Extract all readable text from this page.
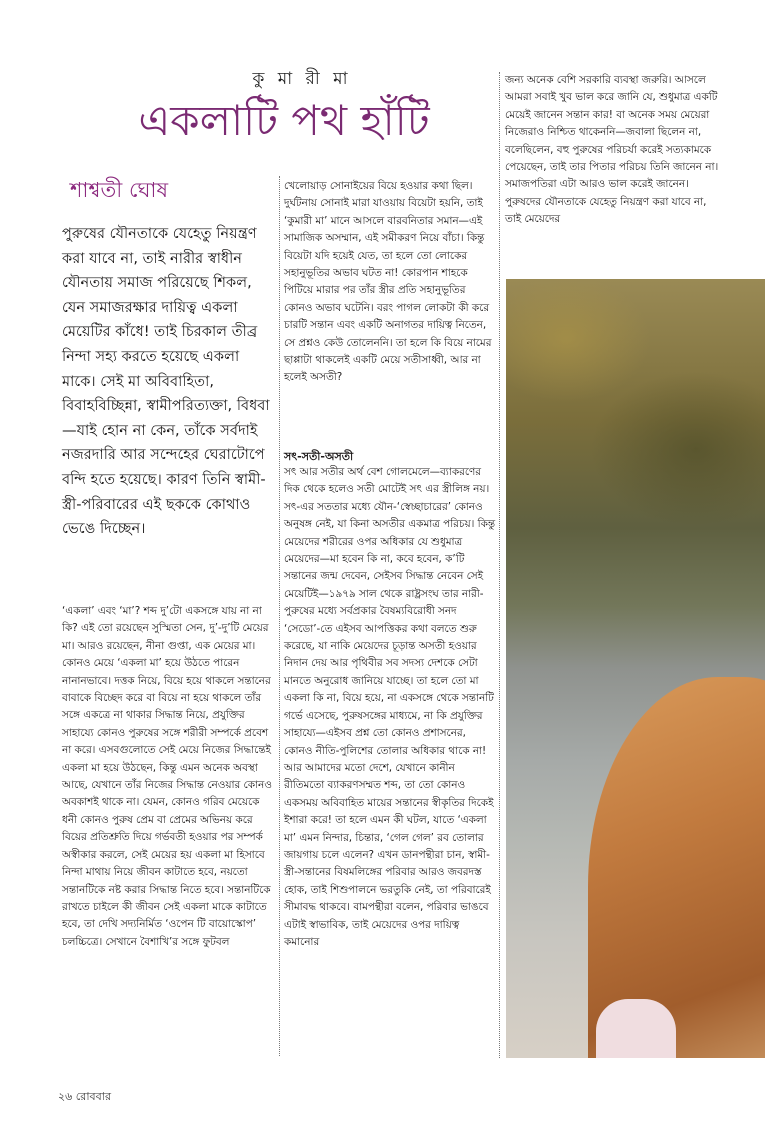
কু মা রী মা
একলাটি পথ হাঁটি
শাশ্বতী ঘোষ

পুরুষের যৌনতাকে যেহেতু নিয়ন্ত্রণ করা যাবে না, তাই নারীর স্বাধীন যৌনতায় সমাজ পরিয়েছে শিকল, যেন সমাজরক্ষার দায়িত্ব একলা মেয়েটির কাঁধে! তাই চিরকাল তীব্র নিন্দা সহ্য করতে হয়েছে একলা মাকে। সেই মা অবিবাহিতা, বিবাহবিচ্ছিন্না, স্বামীপরিত্যক্তা, বিধবা—যাই হোন না কেন, তাঁকে সর্বদাই নজরদারি আর সন্দেহের ঘেরাটোপে বন্দি হতে হয়েছে। কারণ তিনি স্বামী-স্ত্রী-পরিবারের এই ছককে কোথাও ভেঙে দিচ্ছেন।

‘একলা’ এবং ‘মা’? শব্দ দু’টো একসঙ্গে যায় না না কি? এই তো রয়েছেন সুস্মিতা সেন, দু’-দু’টি মেয়ের মা। আরও রয়েছেন, নীনা গুপ্তা, এক মেয়ের মা। কোনও মেয়ে ‘একলা মা’ হয়ে উঠতে পারেন নানানভাবে। দত্তক নিয়ে, বিয়ে হয়ে থাকলে সন্তানের বাবাকে বিচ্ছেদ করে বা বিয়ে না হয়ে থাকলে তাঁর সঙ্গে একত্রে না থাকার সিদ্ধান্ত নিয়ে, প্রযুক্তির সাহায্যে কোনও পুরুষের সঙ্গে শরীরী সম্পর্কে প্রবেশ না করে। এসবগুলোতে সেই মেয়ে নিজের সিদ্ধান্তেই একলা মা হয়ে উঠছেন, কিন্তু এমন অনেক অবস্থা আছে, যেখানে তাঁর নিজের সিদ্ধান্ত নেওয়ার কোনও অবকাশই থাকে না। যেমন, কোনও গরিব মেয়েকে ধনী কোনও পুরুষ প্রেম বা প্রেমের অভিনয় করে বিয়ের প্রতিশ্রুতি দিয়ে গর্ভবতী হওয়ার পর সম্পর্ক অস্বীকার করলে, সেই মেয়ের হয় একলা মা হিসাবে নিন্দা মাথায় নিয়ে জীবন কাটাতে হবে, নয়তো সন্তানটিকে নষ্ট করার সিদ্ধান্ত নিতে হবে। সন্তানটিকে রাখতে চাইলে কী জীবন সেই একলা মাকে কাটাতে হবে, তা দেখি সদ্যনির্মিত ‘ওপেন টি বায়োস্কোপ’ চলচ্চিত্রে। সেখানে বৈশাখি’র সঙ্গে ফুটবল

খেলোয়াড় সোনাইয়ের বিয়ে হওয়ার কথা ছিল। দুর্ঘটনায় সোনাই মারা যাওয়ায় বিয়েটা হয়নি, তাই ‘কুমারী মা’ মানে আসলে বারবনিতার সমান—এই সামাজিক অসম্মান, এই সমীকরণ নিয়ে বাঁচা। কিন্তু বিয়েটা যদি হয়েই যেত, তা হলে তো লোকের সহানুভূতির অভাব ঘটত না! কোরপান শাহকে পিটিয়ে মারার পর তাঁর স্ত্রীর প্রতি সহানুভূতির কোনও অভাব ঘটেনি। বরং পাগল লোকটা কী করে চারটি সন্তান এবং একটি অনাগতর দায়িত্ব নিতেন, সে প্রশ্নও কেউ তোলেননি। তা হলে কি বিয়ে নামের ছাপ্পাটা থাকলেই একটি মেয়ে সতীসাধ্বী, আর না হলেই অসতী?

সৎ-সতী-অসতী

সৎ আর সতীর অর্থ বেশ গোলমেলে—ব্যাকরণের দিক থেকে হলেও সতী মোটেই সৎ এর স্ত্রীলিঙ্গ নয়। সৎ-এর সততার মধ্যে যৌন-‘স্বেচ্ছাচারের’ কোনও অনুষঙ্গ নেই, যা কিনা অসতীর একমাত্র পরিচয়। কিন্তু মেয়েদের শরীরের ওপর অধিকার যে শুধুমাত্র মেয়েদের—মা হবেন কি না, কবে হবেন, ক’টি সন্তানের জন্ম দেবেন, সেইসব সিদ্ধান্ত নেবেন সেই মেয়েটিই—১৯৭৯ সাল থেকে রাষ্ট্রসংঘ তার নারী-পুরুষের মধ্যে সর্বপ্রকার বৈষম্যবিরোধী সনদ ‘সেডো’-তে এইসব আপত্তিকর কথা বলতে শুরু করেছে, যা নাকি মেয়েদের চূড়ান্ত অসতী হওয়ার নিদান দেয় আর পৃথিবীর সব সদস্য দেশকে সেটা মানতে অনুরোধ জানিয়ে যাচ্ছে। তা হলে তো মা একলা কি না, বিয়ে হয়ে, না একসঙ্গে থেকে সন্তানটি গর্ভে এসেছে, পুরুষসঙ্গের মাধ্যমে, না কি প্রযুক্তির সাহায্যে—এইসব প্রশ্ন তো কোনও প্রশাসনের, কোনও নীতি-পুলিশের তোলার অধিকার থাকে না! আর আমাদের মতো দেশে, যেখানে কানীন রীতিমতো ব্যাকরণসম্মত শব্দ, তা তো কোনও একসময় অবিবাহিত মায়ের সন্তানের স্বীকৃতির দিকেই ইশারা করে! তা হলে এমন কী ঘটল, যাতে ‘একলা মা’ এমন নিন্দার, চিন্তার, ‘গেল গেল’ রব তোলার জায়গায় চলে এলেন? এখন ডানপন্থীরা চান, স্বামী-স্ত্রী-সন্তানের বিষমলিঙ্গের পরিবার আরও জবরদস্ত হোক, তাই শিশুপালনে ভরতুকি নেই, তা পরিবারেই সীমাবদ্ধ থাকবে। বামপন্থীরা বলেন, পরিবার ভাঙবে এটাই স্বাভাবিক, তাই মেয়েদের ওপর দায়িত্ব কমানোর

জন্য অনেক বেশি সরকারি ব্যবস্থা জরুরি। আসলে আমরা সবাই খুব ভাল করে জানি যে, শুধুমাত্র একটি মেয়েই জানেন সন্তান কার! বা অনেক সময় মেয়েরা নিজেরাও নিশ্চিত থাকেননি—জবালা ছিলেন না, বলেছিলেন, বহু পুরুষের পরিচর্যা করেই সত্যকামকে পেয়েছেন, তাই তার পিতার পরিচয় তিনি জানেন না। সমাজপতিরা এটা আরও ভাল করেই জানেন। পুরুষদের যৌনতাকে যেহেতু নিয়ন্ত্রণ করা যাবে না, তাই মেয়েদের

২৬ রোববার
